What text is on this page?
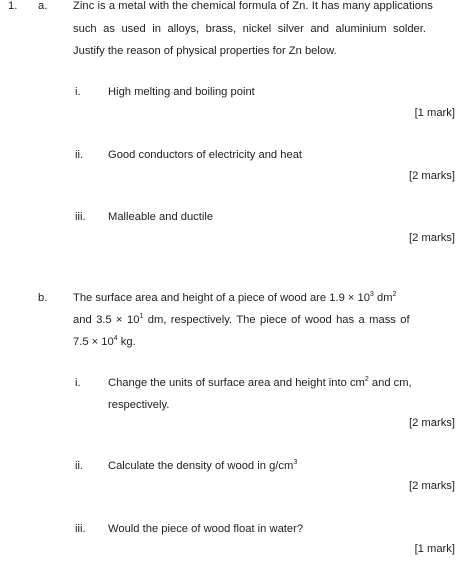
1. a. Zinc is a metal with the chemical formula of Zn. It has many applications
such as used in alloys, brass, nickel silver and aluminium solder.
Justify the reason of physical properties for Zn below.
i. High melting and boiling point
[1 mark]
ii. Good conductors of electricity and heat
[2 marks]
iii. Malleable and ductile
[2 marks]
b. The surface area and height of a piece of wood are $1.9 \times 10^3$ $dm^2$
and $3.5 \times 10^1$ dm, respectively. The piece of wood has a mass of
$7.5 \times 10^4$ kg.
i. Change the units of surface area and height into $cm^2$ and cm,
respectively.
[2 marks]
ii. Calculate the density of wood in $g/cm^3$
[2 marks]
iii. Would the piece of wood float in water?
[1 mark]
